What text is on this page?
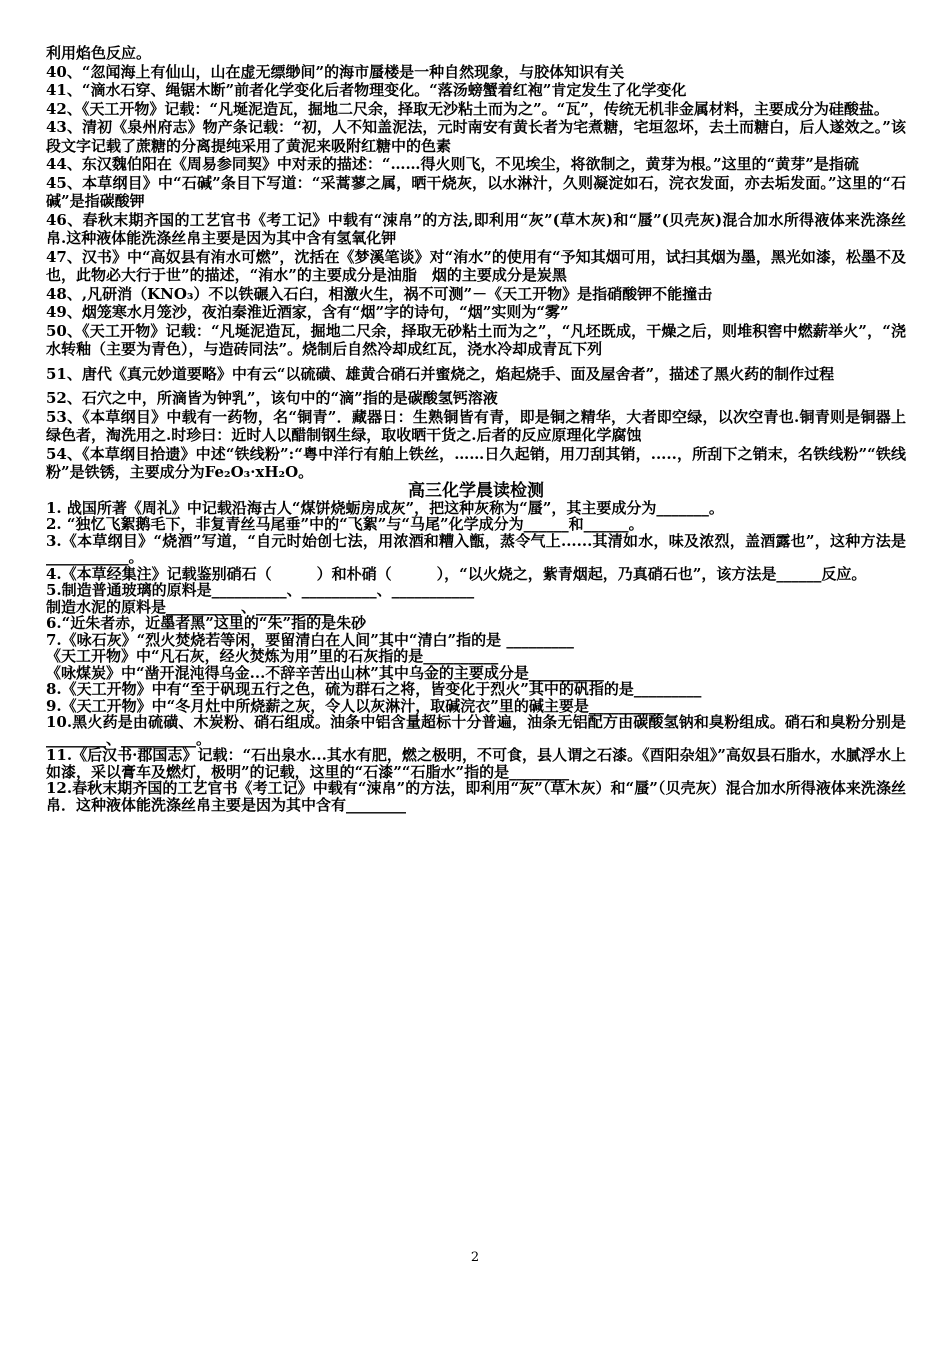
利用焰色反应。

40、“忽闻海上有仙山，山在虚无缥缈间”的海市蜃楼是一种自然现象，与胶体知识有关

41、“滴水石穿、绳锯木断”前者化学变化后者物理变化。“落汤螃蟹着红袍”肯定发生了化学变化

42、《天工开物》记载：“凡埏泥造瓦，掘地二尺余，择取无沙粘土而为之”。“瓦”，传统无机非金属材料，主要成分为硅酸盐。

43、清初《泉州府志》物产条记载：“初，人不知盖泥法，元时南安有黄长者为宅煮糖，宅垣忽坏，去土而糖白，后人遂效之。”该段文字记载了蔗糖的分离提纯采用了黄泥来吸附红糖中的色素

44、东汉魏伯阳在《周易参同契》中对汞的描述：“……得火则飞，不见埃尘，将欲制之，黄芽为根。”这里的“黄芽”是指硫

45、本草纲目》中“石碱”条目下写道：“采蒿蓼之属，晒干烧灰，以水淋汁，久则凝淀如石，浣衣发面，亦去垢发面。”这里的“石碱”是指碳酸钾

46、春秋末期齐国的工艺官书《考工记》中载有“涑帛”的方法,即利用“灰”(草木灰)和“蜃”(贝壳灰)混合加水所得液体来洗涤丝帛.这种液体能洗涤丝帛主要是因为其中含有氢氧化钾

47、汉书》中“高奴县有洧水可燃”，沈括在《梦溪笔谈》对“洧水”的使用有“予知其烟可用，试扫其烟为墨，黑光如漆，松墨不及也，此物必大行于世”的描述，“洧水”的主要成分是油脂　烟的主要成分是炭黑

48、,凡研消（KNO₃）不以铁碾入石臼，相激火生，祸不可测”－《天工开物》是指硝酸钾不能撞击

49、烟笼寒水月笼沙，夜泊秦淮近酒家，含有“烟”字的诗句，“烟”实则为“雾”

50、《天工开物》记载：“凡埏泥造瓦，掘地二尺余，择取无砂粘土而为之”，“凡坯既成，干燥之后，则堆积窖中燃薪举火”，“浇水转釉（主要为青色），与造砖同法”。烧制后自然冷却成红瓦，浇水冷却成青瓦下列

51、唐代《真元妙道要略》中有云“以硫磺、雄黄合硝石并蜜烧之，焰起烧手、面及屋舍者”，描述了黑火药的制作过程

52、石穴之中，所滴皆为钟乳”，该句中的“滴”指的是碳酸氢钙溶液

53、《本草纲目》中载有一药物，名“铜青”．藏器日：生熟铜皆有青，即是铜之精华，大者即空绿，以次空青也.铜青则是铜器上绿色者，淘洗用之.时珍曰：近时人以醋制钢生绿，取收晒干货之.后者的反应原理化学腐蚀

54、《本草纲目拾遗》中述“铁线粉”:“粤中洋行有舶上铁丝，……日久起销，用刀刮其销，.....，所刮下之销末，名铁线粉”“铁线粉”是铁锈，主要成分为Fe₂O₃·xH₂O。

高三化学晨读检测

1. 战国所著《周礼》中记载沿海古人“煤饼烧蛎房成灰”，把这种灰称为“蜃”，其主要成分为_______。

2. “独忆飞絮鹅毛下，非复青丝马尾垂”中的“飞絮”与“马尾”化学成分为______和______。

3.《本草纲目》“烧酒”写道，“自元时始创七法，用浓酒和糟入甑，蒸令气上......其清如水，味及浓烈，盖酒露也”，这种方法是___________。

4.《本草经集注》记载鉴别硝石（　　　）和朴硝（　　　），“以火烧之，紫青烟起，乃真硝石也”，该方法是______反应。

5.制造普通玻璃的原料是__________、__________、___________

制造水泥的原料是__________、__________

6.“近朱者赤，近墨者黑”这里的“朱”指的是朱砂

7.《咏石灰》“烈火焚烧若等闲，要留清白在人间”其中“清白”指的是 _________

《天工开物》中“凡石灰，经火焚炼为用”里的石灰指的是__________

《咏煤炭》中“凿开混沌得乌金...不辞辛苦出山林”其中乌金的主要成分是__________

8.《天工开物》中有“至于矾现五行之色，硫为群石之将，皆变化于烈火”其中的矾指的是_________

9.《天工开物》中“冬月灶中所烧薪之灰，令人以灰淋汁，取碱浣衣”里的碱主要是__________

10.黑火药是由硫磺、木炭粉、硝石组成。油条中铝含量超标十分普遍，油条无铝配方由碳酸氢钠和臭粉组成。硝石和臭粉分别是________、__________。

11.《后汉书·郡国志》记载：“石出泉水...其水有肥，燃之极明，不可食，县人谓之石漆。《酉阳杂俎》”高奴县石脂水，水腻浮水上如漆，采以膏车及燃灯，极明”的记载，这里的“石漆”“石脂水”指的是________

12.春秋末期齐国的工艺官书《考工记》中载有“涑帛”的方法，即利用“灰”（草木灰）和“蜃”（贝壳灰）混合加水所得液体来洗涤丝帛．这种液体能洗涤丝帛主要是因为其中含有________

2
